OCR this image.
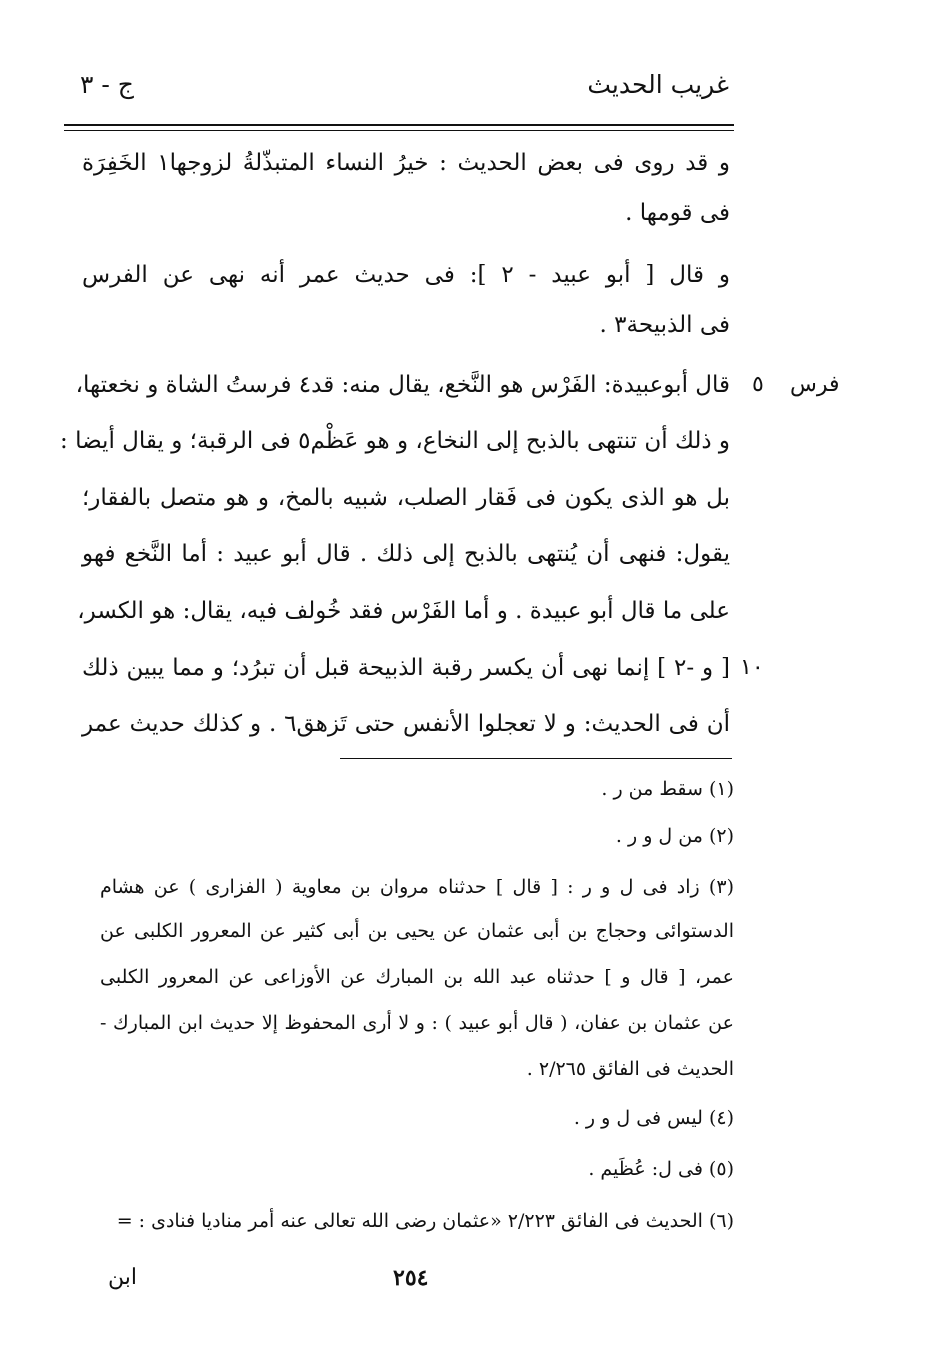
غريب الحديث
ج - ٣
فرس
٥
١٠
و قد روى فى بعض الحديث : خيرُ النساء المتبذّلةُ لزوجها١ الخَفِرَة
فى قومها .
و قال [ أبو عبيد - ٢ ]: فى حديث عمر أنه نهى عن الفرس
فى الذبيحة٣ .
قال أبوعبيدة: الفَرْس هو النَّخع، يقال منه: قد٤ فرستُ الشاة و نخعتها،
و ذلك أن تنتهى بالذبح إلى النخاع، و هو عَظْم٥ فى الرقبة؛ و يقال أيضا :
بل هو الذى يكون فى فَقار الصلب، شبيه بالمخ، و هو متصل بالفقار؛
يقول: فنهى أن يُنتهى بالذبح إلى ذلك . قال أبو عبيد : أما النَّخع فهو
على ما قال أبو عبيدة . و أما الفَرْس فقد خُولف فيه، يقال: هو الكسر،
[ و -٢ ] إنما نهى أن يكسر رقبة الذبيحة قبل أن تبرُد؛ و مما يبين ذلك
أن فى الحديث: و لا تعجلوا الأنفس حتى تَزهق٦ . و كذلك حديث عمر
(١) سقط من ر .
(٢) من ل و ر .
(٣) زاد فى ل و ر : [ قال ] حدثناه مروان بن معاوية ( الفزارى ) عن هشام
الدستوائى وحجاج بن أبى عثمان عن يحيى بن أبى كثير عن المعرور الكلبى عن
عمر، [ قال و ] حدثناه عبد الله بن المبارك عن الأوزاعى عن المعرور الكلبى
عن عثمان بن عفان، ( قال أبو عبيد ) : و لا أرى المحفوظ إلا حديث ابن المبارك -
الحديث فى الفائق ٢/٢٦٥ .
(٤) ليس فى ل و ر .
(٥) فى ل: عُظَيم .
(٦) الحديث فى الفائق ٢/٢٢٣ «عثمان رضى الله تعالى عنه أمر مناديا فنادى : =
٢٥٤
ابن
